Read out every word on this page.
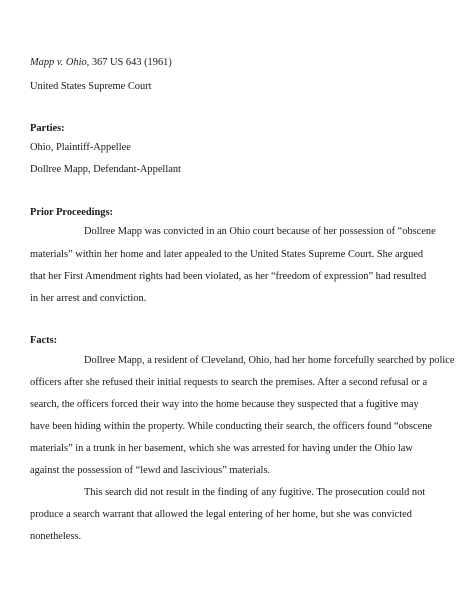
Mapp v. Ohio, 367 US 643 (1961)

United States Supreme Court

Parties:

Ohio, Plaintiff-Appellee

Dollree Mapp, Defendant-Appellant

Prior Proceedings:

Dollree Mapp was convicted in an Ohio court because of her possession of “obscene

materials” within her home and later appealed to the United States Supreme Court. She argued

that her First Amendment rights had been violated, as her “freedom of expression” had resulted

in her arrest and conviction.

Facts:

Dollree Mapp, a resident of Cleveland, Ohio, had her home forcefully searched by police

officers after she refused their initial requests to search the premises. After a second refusal or a

search, the officers forced their way into the home because they suspected that a fugitive may

have been hiding within the property. While conducting their search, the officers found “obscene

materials” in a trunk in her basement, which she was arrested for having under the Ohio law

against the possession of “lewd and lascivious” materials.

This search did not result in the finding of any fugitive. The prosecution could not

produce a search warrant that allowed the legal entering of her home, but she was convicted

nonetheless.
